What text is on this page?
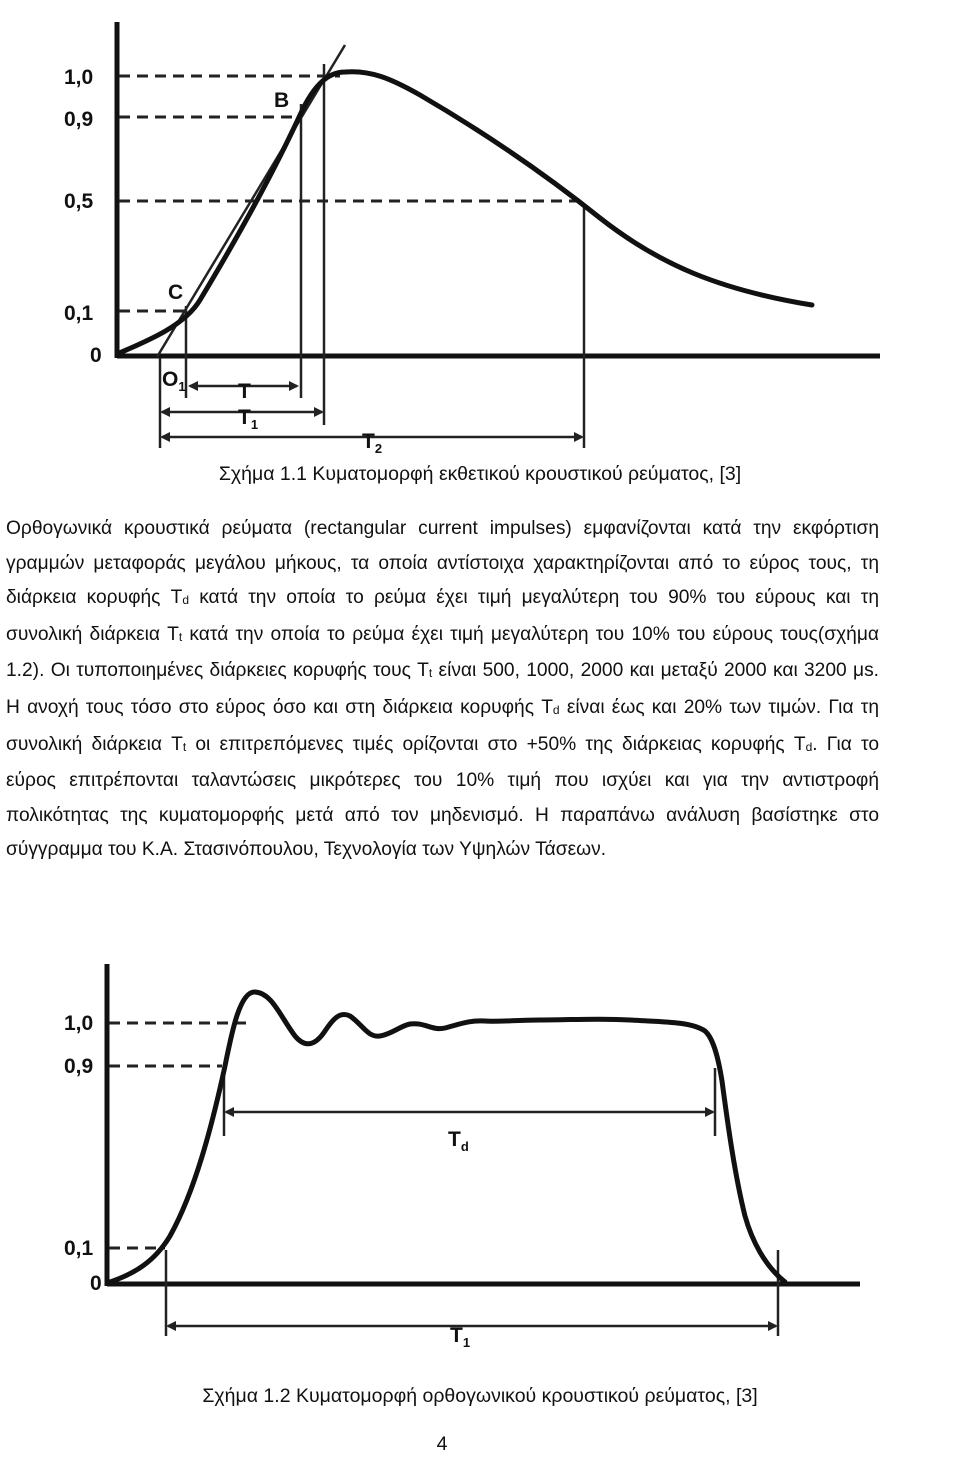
1,0
0,9
0,5
0,1
0
B
C
$O_1$ T
$T_1$
$T_2$
Σχήμα 1.1 Κυματομορφή εκθετικού κρουστικού ρεύματος, [3]

Ορθογωνικά κρουστικά ρεύματα (rectangular current impulses) εμφανίζονται κατά την εκφόρτιση γραμμών μεταφοράς μεγάλου μήκους, τα οποία αντίστοιχα χαρακτηρίζονται από το εύρος τους, τη διάρκεια κορυφής $T_d$ κατά την οποία το ρεύμα έχει τιμή μεγαλύτερη του 90% του εύρους και τη συνολική διάρκεια $T_t$ κατά την οποία το ρεύμα έχει τιμή μεγαλύτερη του 10% του εύρους τους(σχήμα 1.2). Οι τυποποιημένες διάρκειες κορυφής τους $T_t$ είναι 500, 1000, 2000 και μεταξύ 2000 και 3200 μs. Η ανοχή τους τόσο στο εύρος όσο και στη διάρκεια κορυφής $T_d$ είναι έως και 20% των τιμών. Για τη συνολική διάρκεια $T_t$ οι επιτρεπόμενες τιμές ορίζονται στο +50% της διάρκειας κορυφής $T_d$. Για το εύρος επιτρέπονται ταλαντώσεις μικρότερες του 10% τιμή που ισχύει και για την αντιστροφή πολικότητας της κυματομορφής μετά από τον μηδενισμό. Η παραπάνω ανάλυση βασίστηκε στο σύγγραμμα του Κ.Α. Στασινόπουλου, Τεχνολογία των Υψηλών Τάσεων.

1,0
0,9
0,1
0
$T_d$
$T_1$
Σχήμα 1.2 Κυματομορφή ορθογωνικού κρουστικού ρεύματος, [3]
4
